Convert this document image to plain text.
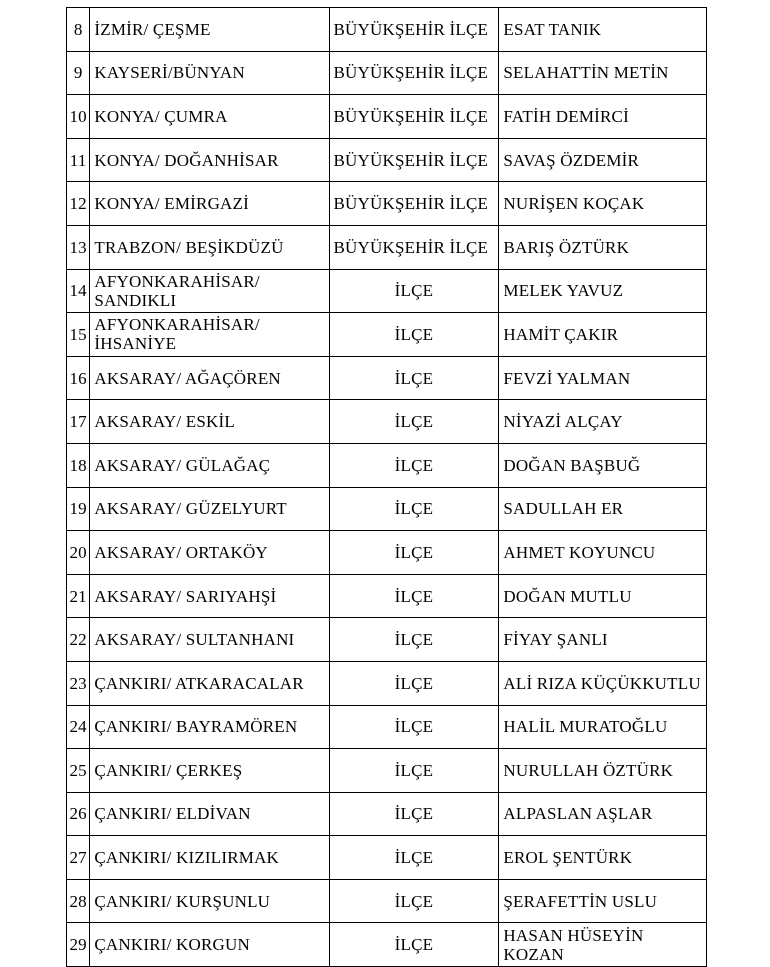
8	İZMİR/ ÇEŞME	BÜYÜKŞEHİR İLÇE	ESAT TANIK
9	KAYSERİ/BÜNYAN	BÜYÜKŞEHİR İLÇE	SELAHATTİN METİN
10	KONYA/ ÇUMRA	BÜYÜKŞEHİR İLÇE	FATİH DEMİRCİ
11	KONYA/ DOĞANHİSAR	BÜYÜKŞEHİR İLÇE	SAVAŞ ÖZDEMİR
12	KONYA/ EMİRGAZİ	BÜYÜKŞEHİR İLÇE	NURİŞEN KOÇAK
13	TRABZON/ BEŞİKDÜZÜ	BÜYÜKŞEHİR İLÇE	BARIŞ ÖZTÜRK
14	AFYONKARAHİSAR/ SANDIKLI	İLÇE	MELEK YAVUZ
15	AFYONKARAHİSAR/ İHSANİYE	İLÇE	HAMİT ÇAKIR
16	AKSARAY/ AĞAÇÖREN	İLÇE	FEVZİ YALMAN
17	AKSARAY/ ESKİL	İLÇE	NİYAZİ ALÇAY
18	AKSARAY/ GÜLAĞAÇ	İLÇE	DOĞAN BAŞBUĞ
19	AKSARAY/ GÜZELYURT	İLÇE	SADULLAH ER
20	AKSARAY/ ORTAKÖY	İLÇE	AHMET KOYUNCU
21	AKSARAY/ SARIYAHŞİ	İLÇE	DOĞAN MUTLU
22	AKSARAY/ SULTANHANI	İLÇE	FİYAY ŞANLI
23	ÇANKIRI/ ATKARACALAR	İLÇE	ALİ RIZA KÜÇÜKKUTLU
24	ÇANKIRI/ BAYRAMÖREN	İLÇE	HALİL MURATOĞLU
25	ÇANKIRI/ ÇERKEŞ	İLÇE	NURULLAH ÖZTÜRK
26	ÇANKIRI/ ELDİVAN	İLÇE	ALPASLAN AŞLAR
27	ÇANKIRI/ KIZILIRMAK	İLÇE	EROL ŞENTÜRK
28	ÇANKIRI/ KURŞUNLU	İLÇE	ŞERAFETTİN USLU
29	ÇANKIRI/ KORGUN	İLÇE	HASAN HÜSEYİN KOZAN
